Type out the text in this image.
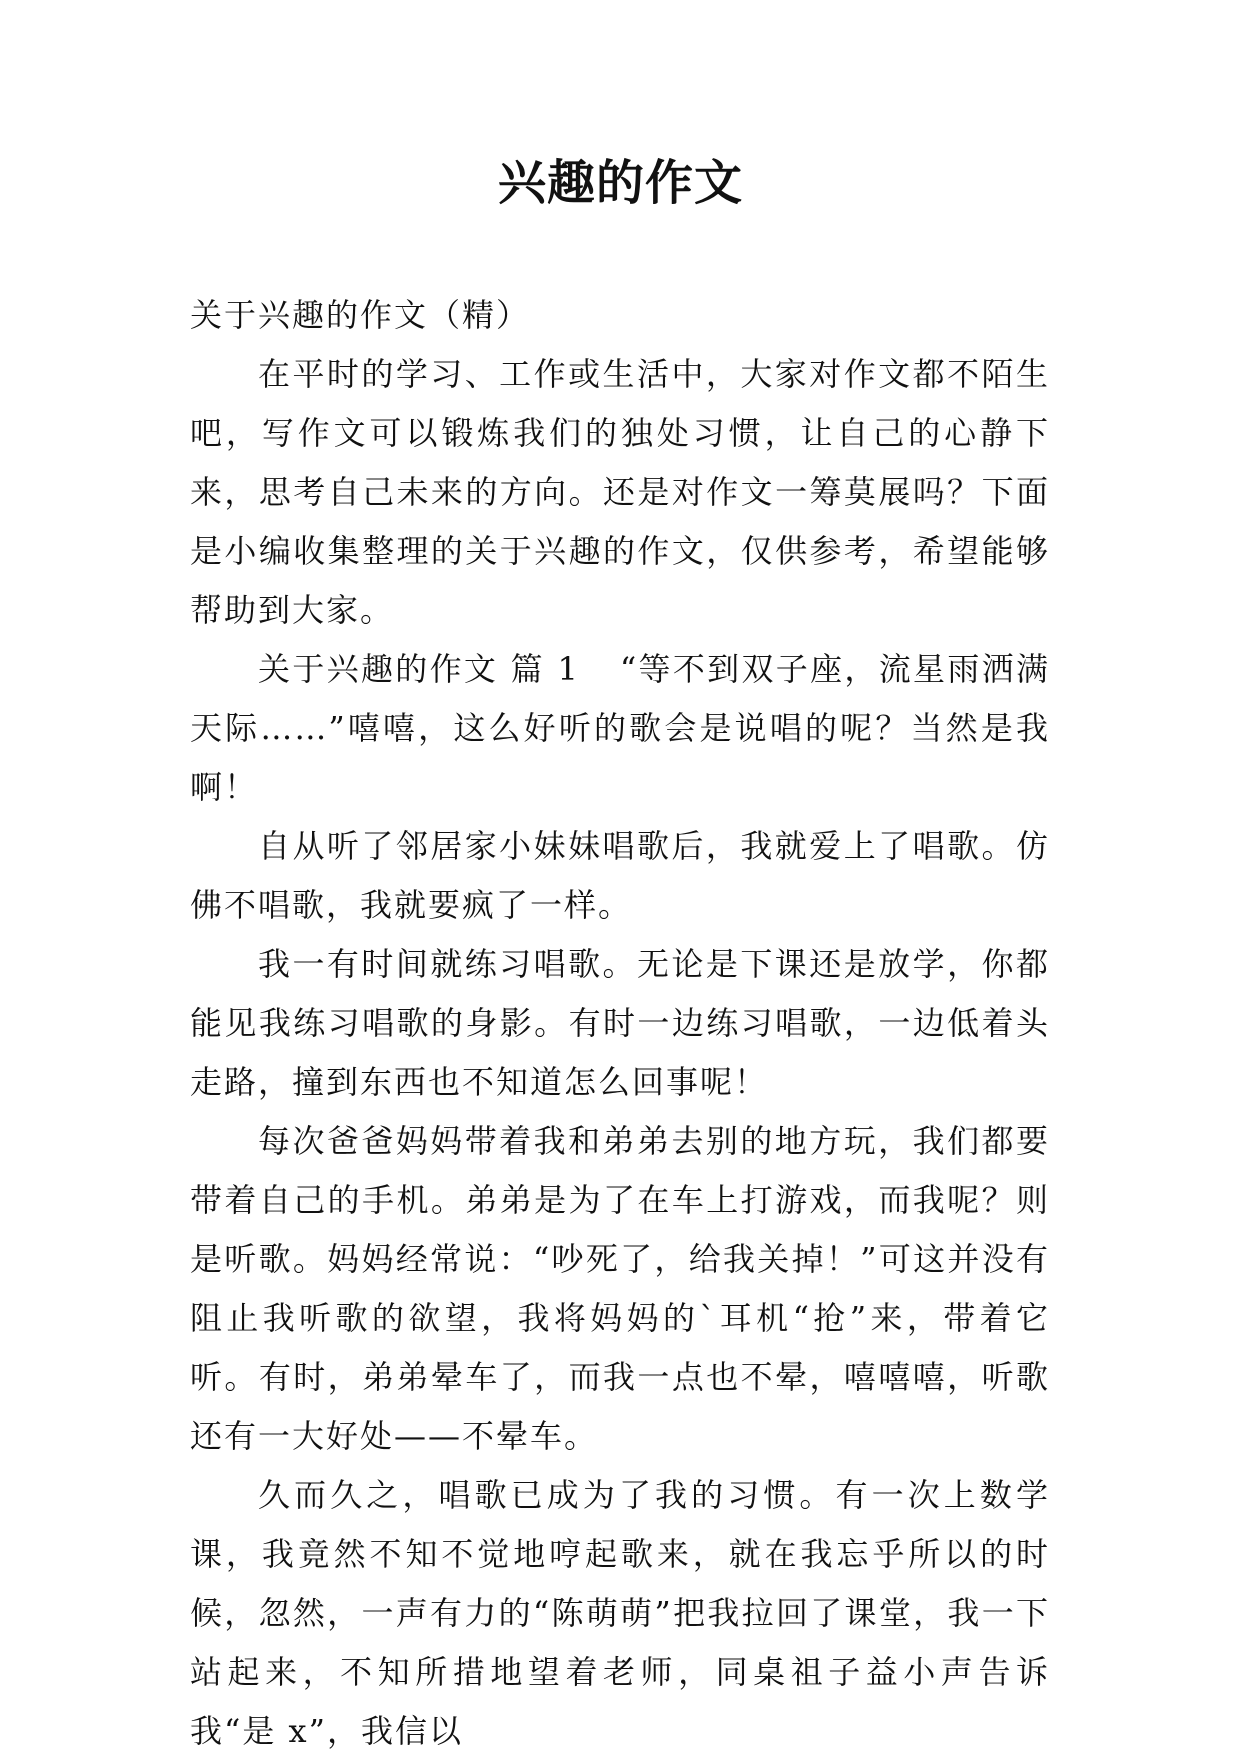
兴趣的作文

关于兴趣的作文（精）

在平时的学习、工作或生活中，大家对作文都不陌生吧，写作文可以锻炼我们的独处习惯，让自己的心静下来，思考自己未来的方向。还是对作文一筹莫展吗？下面是小编收集整理的关于兴趣的作文，仅供参考，希望能够帮助到大家。

关于兴趣的作文 篇 1 “等不到双子座，流星雨洒满天际……”嘻嘻，这么好听的歌会是说唱的呢？当然是我啊！

自从听了邻居家小妹妹唱歌后，我就爱上了唱歌。仿佛不唱歌，我就要疯了一样。

我一有时间就练习唱歌。无论是下课还是放学，你都能见我练习唱歌的身影。有时一边练习唱歌，一边低着头走路，撞到东西也不知道怎么回事呢！

每次爸爸妈妈带着我和弟弟去别的地方玩，我们都要带着自己的手机。弟弟是为了在车上打游戏，而我呢？则是听歌。妈妈经常说：“吵死了，给我关掉！”可这并没有阻止我听歌的欲望，我将妈妈的`耳机“抢”来，带着它听。有时，弟弟晕车了，而我一点也不晕，嘻嘻嘻，听歌还有一大好处——不晕车。

久而久之，唱歌已成为了我的习惯。有一次上数学课，我竟然不知不觉地哼起歌来，就在我忘乎所以的时候，忽然，一声有力的“陈萌萌”把我拉回了课堂，我一下站起来，不知所措地望着老师，同桌祖子益小声告诉我“是 x”，我信以
